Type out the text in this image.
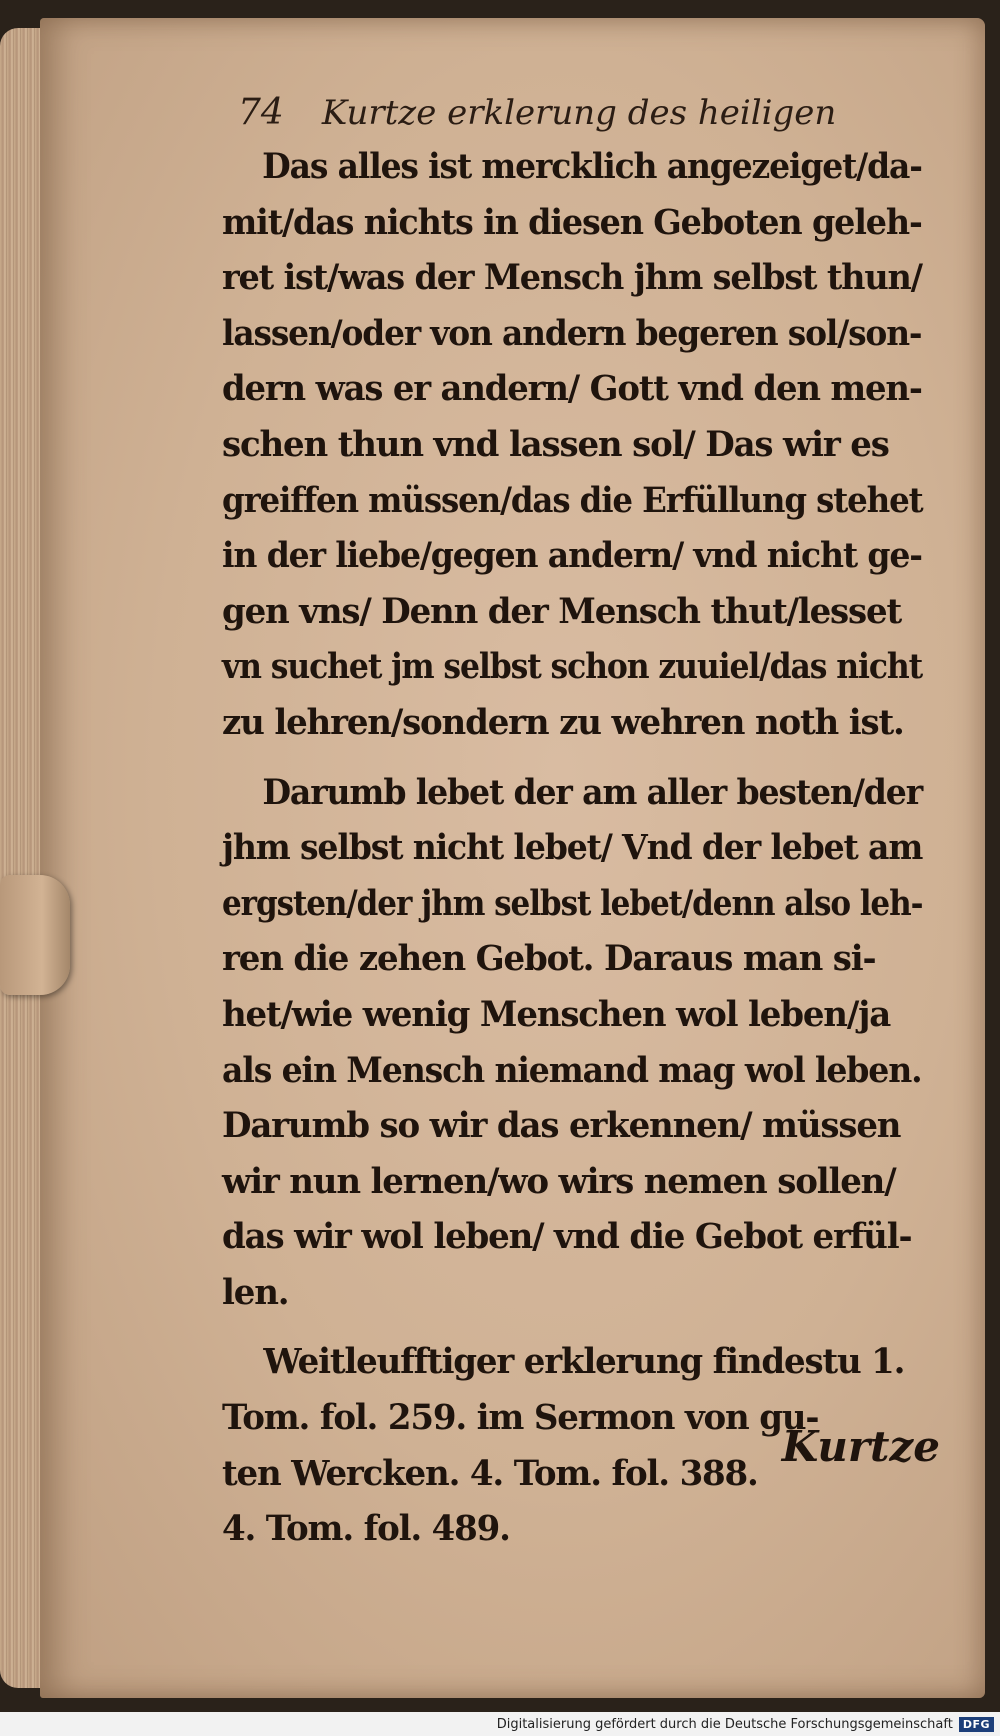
74 Kurtze erklerung des heiligen
Das alles ist mercklich angezeiget/da-
mit/das nichts in diesen Geboten geleh-
ret ist/was der Mensch jhm selbst thun/
lassen/oder von andern begeren sol/son-
dern was er andern/ Gott vnd den men-
schen thun vnd lassen sol/ Das wir es
greiffen müssen/das die Erfüllung stehet
in der liebe/gegen andern/ vnd nicht ge-
gen vns/ Denn der Mensch thut/lesset
vn suchet jm selbst schon zuuiel/das nicht
zu lehren/sondern zu wehren noth ist.
Darumb lebet der am aller besten/der
jhm selbst nicht lebet/ Vnd der lebet am
ergsten/der jhm selbst lebet/denn also leh-
ren die zehen Gebot. Daraus man si-
het/wie wenig Menschen wol leben/ja
als ein Mensch niemand mag wol leben.
Darumb so wir das erkennen/ müssen
wir nun lernen/wo wirs nemen sollen/
das wir wol leben/ vnd die Gebot erfül-
len.
Weitleufftiger erklerung findestu 1.
Tom. fol. 259. im Sermon von gu-
ten Wercken. 4. Tom. fol. 388.
4. Tom. fol. 489.
Kurtze
Digitalisierung gefördert durch die Deutsche Forschungsgemeinschaft DFG
